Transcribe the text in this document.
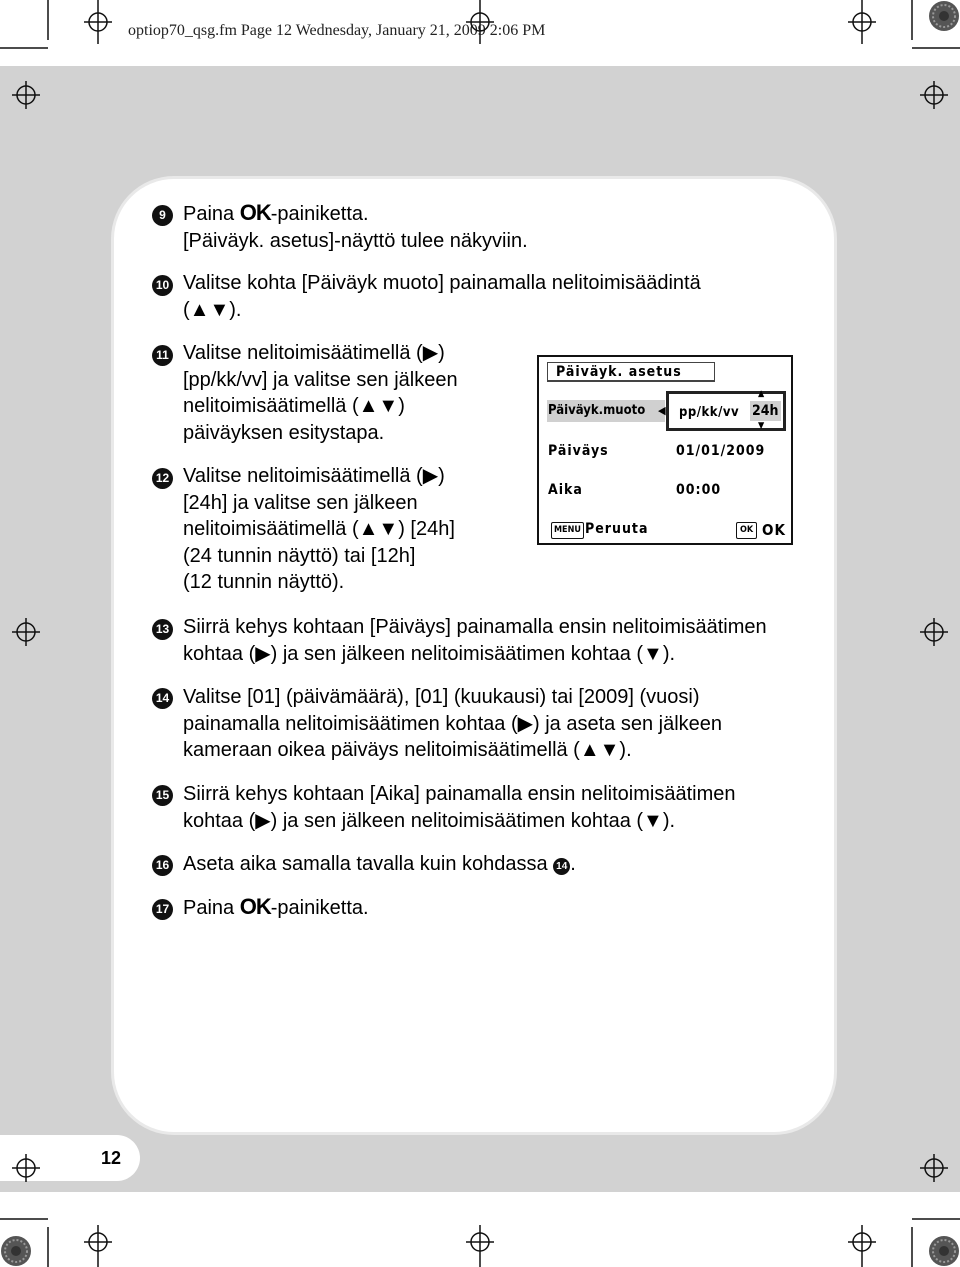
optiop70_qsg.fm Page 12 Wednesday, January 21, 2009 2:06 PM
9 Paina OK-painiketta.
[Päiväyk. asetus]-näyttö tulee näkyviin.
10 Valitse kohta [Päiväyk muoto] painamalla nelitoimisäädintä
(▲▼).
11 Valitse nelitoimisäätimellä (▶)
[pp/kk/vv] ja valitse sen jälkeen
nelitoimisäätimellä (▲▼)
päiväyksen esitystapa.
12 Valitse nelitoimisäätimellä (▶)
[24h] ja valitse sen jälkeen
nelitoimisäätimellä (▲▼) [24h]
(24 tunnin näyttö) tai [12h]
(12 tunnin näyttö).
Päiväyk. asetus
Päiväyk.muoto ◀ pp/kk/vv 24h
▲
▼
Päiväys	01/01/2009
Aika	00:00
MENU Peruuta	OK OK
13 Siirrä kehys kohtaan [Päiväys] painamalla ensin nelitoimisäätimen
kohtaa (▶) ja sen jälkeen nelitoimisäätimen kohtaa (▼).
14 Valitse [01] (päivämäärä), [01] (kuukausi) tai [2009] (vuosi)
painamalla nelitoimisäätimen kohtaa (▶) ja aseta sen jälkeen
kameraan oikea päiväys nelitoimisäätimellä (▲▼).
15 Siirrä kehys kohtaan [Aika] painamalla ensin nelitoimisäätimen
kohtaa (▶) ja sen jälkeen nelitoimisäätimen kohtaa (▼).
16 Aseta aika samalla tavalla kuin kohdassa 14 .
17 Paina OK-painiketta.
12
